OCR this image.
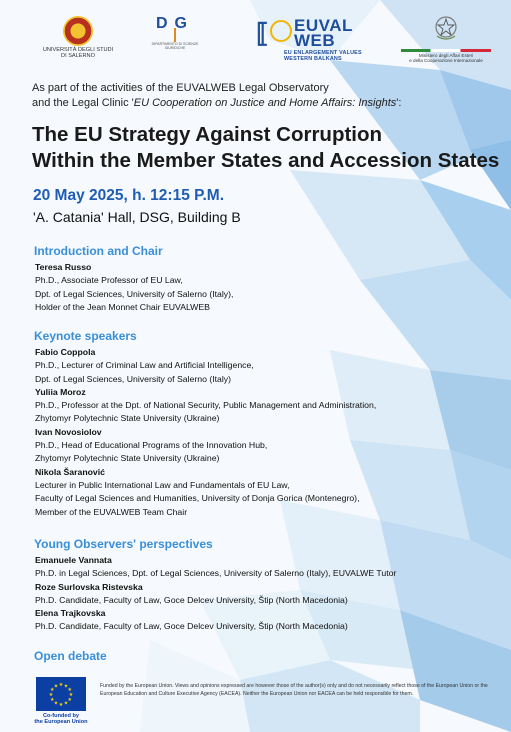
UNIVERSITÀ DEGLI STUDI
DI SALERNO
DG
DIPARTIMENTO DI SCIENZE GIURIDICHE	⟦ EUVAL
WEB
EU ENLARGEMENT VALUES
WESTERN BALKANS
Ministero degli Affari Esteri
e della Cooperazione Internazionale
As part of the activities of the EUVALWEB Legal Observatory
and the Legal Clinic 'EU Cooperation on Justice and Home Affairs: Insights':
The EU Strategy Against Corruption
Within the Member States and Accession States
20 May 2025, h. 12:15 P.M.
'A. Catania' Hall, DSG, Building B
Introduction and Chair
Teresa Russo
Ph.D., Associate Professor of EU Law,
Dpt. of Legal Sciences, University of Salerno (Italy),
Holder of the Jean Monnet Chair EUVALWEB
Keynote speakers
Fabio Coppola
Ph.D., Lecturer of Criminal Law and Artificial Intelligence,
Dpt. of Legal Sciences, University of Salerno (Italy)
Yuliia Moroz
Ph.D., Professor at the Dpt. of National Security, Public Management and Administration,
Zhytomyr Polytechnic State University (Ukraine)
Ivan Novosiolov
Ph.D., Head of Educational Programs of the Innovation Hub,
Zhytomyr Polytechnic State University (Ukraine)
Nikola Šaranović
Lecturer in Public International Law and Fundamentals of EU Law,
Faculty of Legal Sciences and Humanities, University of Donja Gorica (Montenegro),
Member of the EUVALWEB Team Chair
Young Observers' perspectives
Emanuele Vannata
Ph.D. in Legal Sciences, Dpt. of Legal Sciences, University of Salerno (Italy), EUVALWE Tutor
Roze Surlovska Ristevska
Ph.D. Candidate, Faculty of Law, Goce Delcev University, Štip (North Macedonia)
Elena Trajkovska
Ph.D. Candidate, Faculty of Law, Goce Delcev University, Štip (North Macedonia)
Open debate
★ ★
★
★
★
★
★
★
★
★
★
★
Co-funded by
the European Union
Funded by the European Union. Views and opinions expressed are however those of the author(s) only and do not necessarily reflect those of the European Union or the European Education and Culture Executive Agency (EACEA). Neither the European Union nor EACEA can be held responsible for them.
